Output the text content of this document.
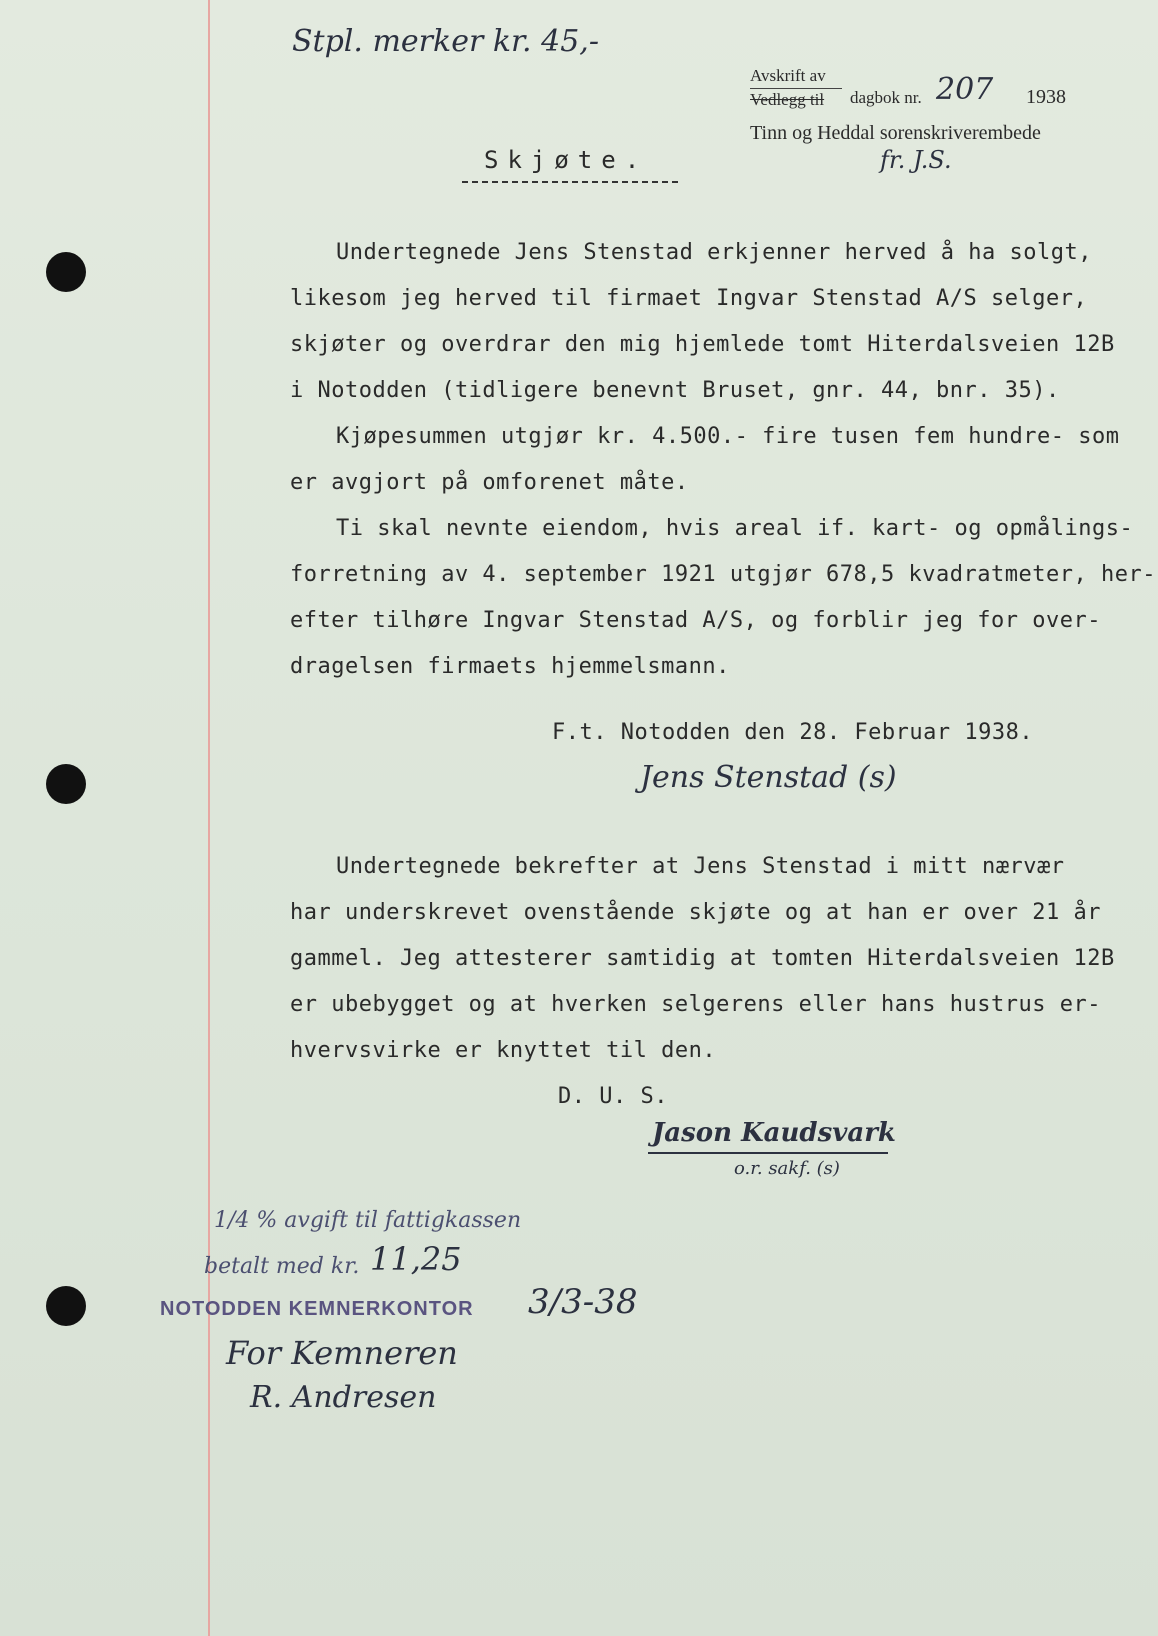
Stpl. merker kr. 45,-
Avskrift av
Vedlegg til dagbok nr. 207 1938
Tinn og Heddal sorenskriverembede
fr. J.S.
Skjøte.
Undertegnede Jens Stenstad erkjenner herved å ha solgt,
likesom jeg herved til firmaet Ingvar Stenstad A/S selger,
skjøter og overdrar den mig hjemlede tomt Hiterdalsveien 12B
i Notodden (tidligere benevnt Bruset, gnr. 44, bnr. 35).
Kjøpesummen utgjør kr. 4.500.- fire tusen fem hundre- som
er avgjort på omforenet måte.
Ti skal nevnte eiendom, hvis areal if. kart- og opmålings-
forretning av 4. september 1921 utgjør 678,5 kvadratmeter, her-
efter tilhøre Ingvar Stenstad A/S, og forblir jeg for over-
dragelsen firmaets hjemmelsmann.
F.t. Notodden den 28. Februar 1938.
Jens Stenstad (s)
Undertegnede bekrefter at Jens Stenstad i mitt nærvær
har underskrevet ovenstående skjøte og at han er over 21 år
gammel. Jeg attesterer samtidig at tomten Hiterdalsveien 12B
er ubebygget og at hverken selgerens eller hans hustrus er-
hvervsvirke er knyttet til den.
D. U. S.
Jason Kaudsvark
o.r. sakf. (s)
1/4 % avgift til fattigkassen
betalt med kr. 11,25
3/3-38
NOTODDEN KEMNERKONTOR
For Kemneren
R. Andresen
